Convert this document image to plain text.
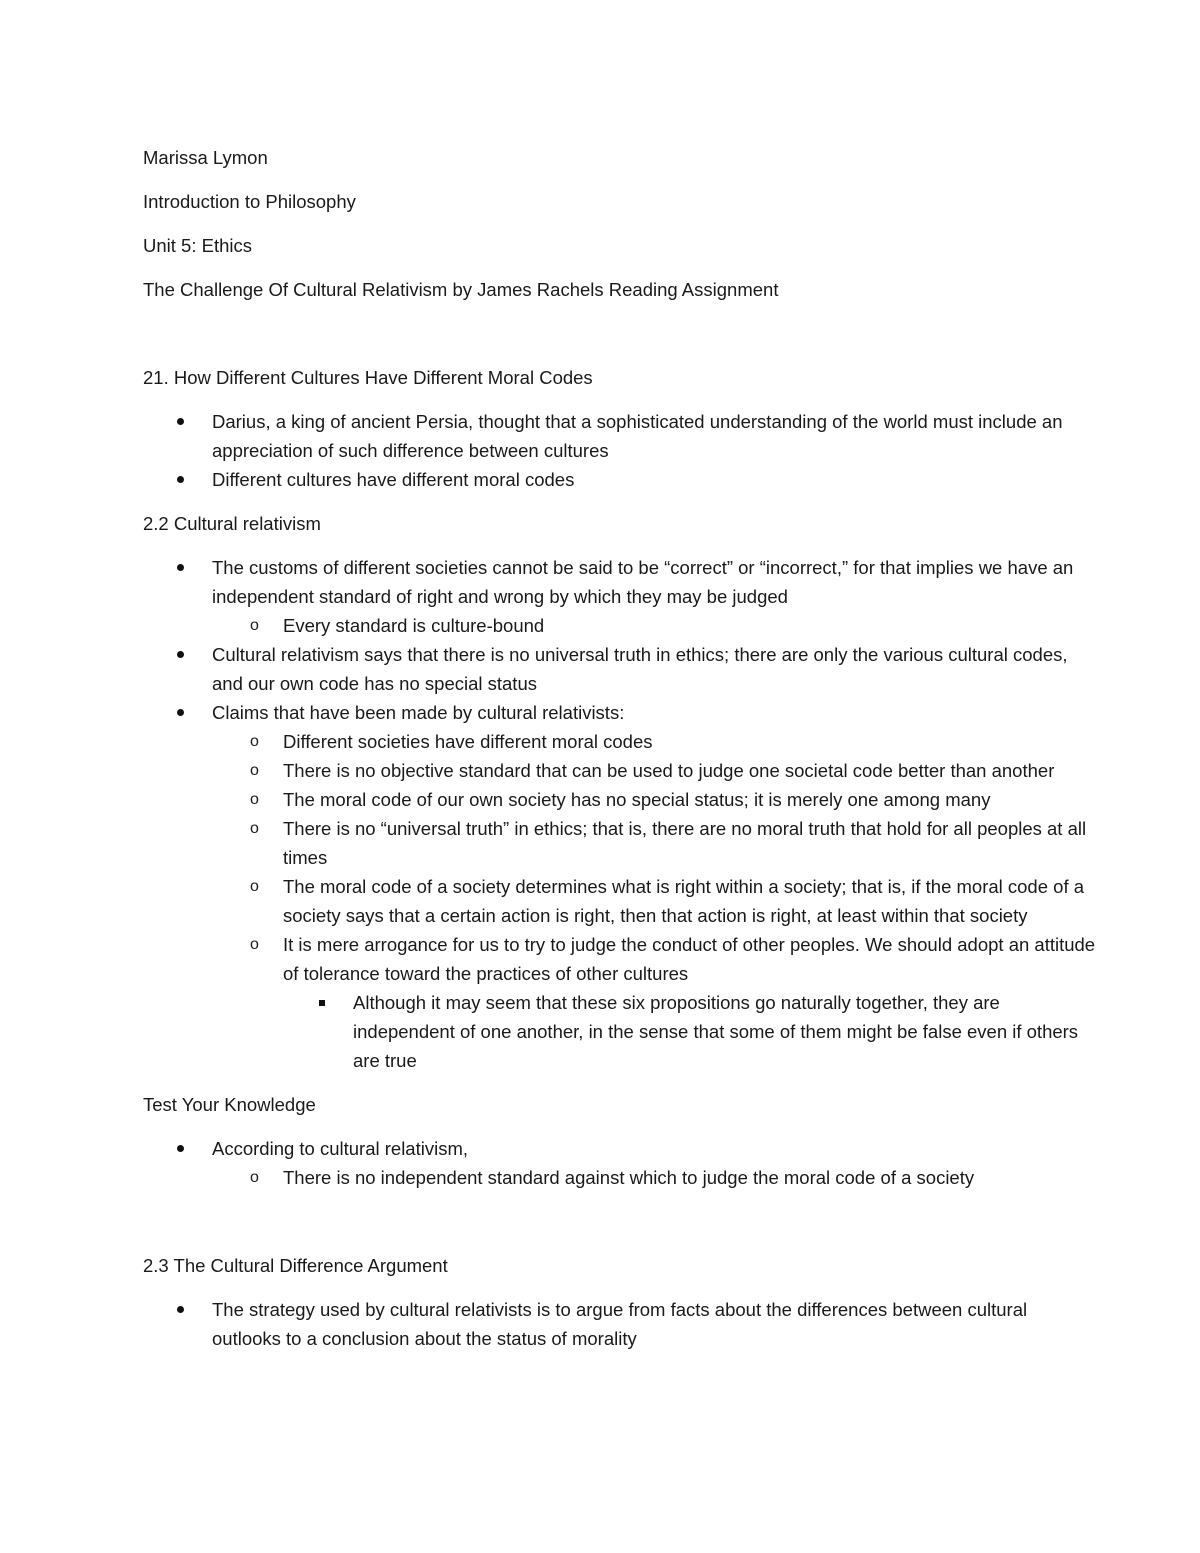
Marissa Lymon

Introduction to Philosophy

Unit 5: Ethics

The Challenge Of Cultural Relativism by James Rachels Reading Assignment

21. How Different Cultures Have Different Moral Codes

Darius, a king of ancient Persia, thought that a sophisticated understanding of the world must include an appreciation of such difference between cultures
Different cultures have different moral codes

2.2 Cultural relativism

The customs of different societies cannot be said to be “correct” or “incorrect,” for that implies we have an independent standard of right and wrong by which they may be judged
o Every standard is culture-bound
Cultural relativism says that there is no universal truth in ethics; there are only the various cultural codes, and our own code has no special status
Claims that have been made by cultural relativists:
o Different societies have different moral codes
o There is no objective standard that can be used to judge one societal code better than another
o The moral code of our own society has no special status; it is merely one among many
o There is no “universal truth” in ethics; that is, there are no moral truth that hold for all peoples at all times
o The moral code of a society determines what is right within a society; that is, if the moral code of a society says that a certain action is right, then that action is right, at least within that society
o It is mere arrogance for us to try to judge the conduct of other peoples. We should adopt an attitude of tolerance toward the practices of other cultures
Although it may seem that these six propositions go naturally together, they are independent of one another, in the sense that some of them might be false even if others are true

Test Your Knowledge

According to cultural relativism,
o There is no independent standard against which to judge the moral code of a society

2.3 The Cultural Difference Argument

The strategy used by cultural relativists is to argue from facts about the differences between cultural outlooks to a conclusion about the status of morality
